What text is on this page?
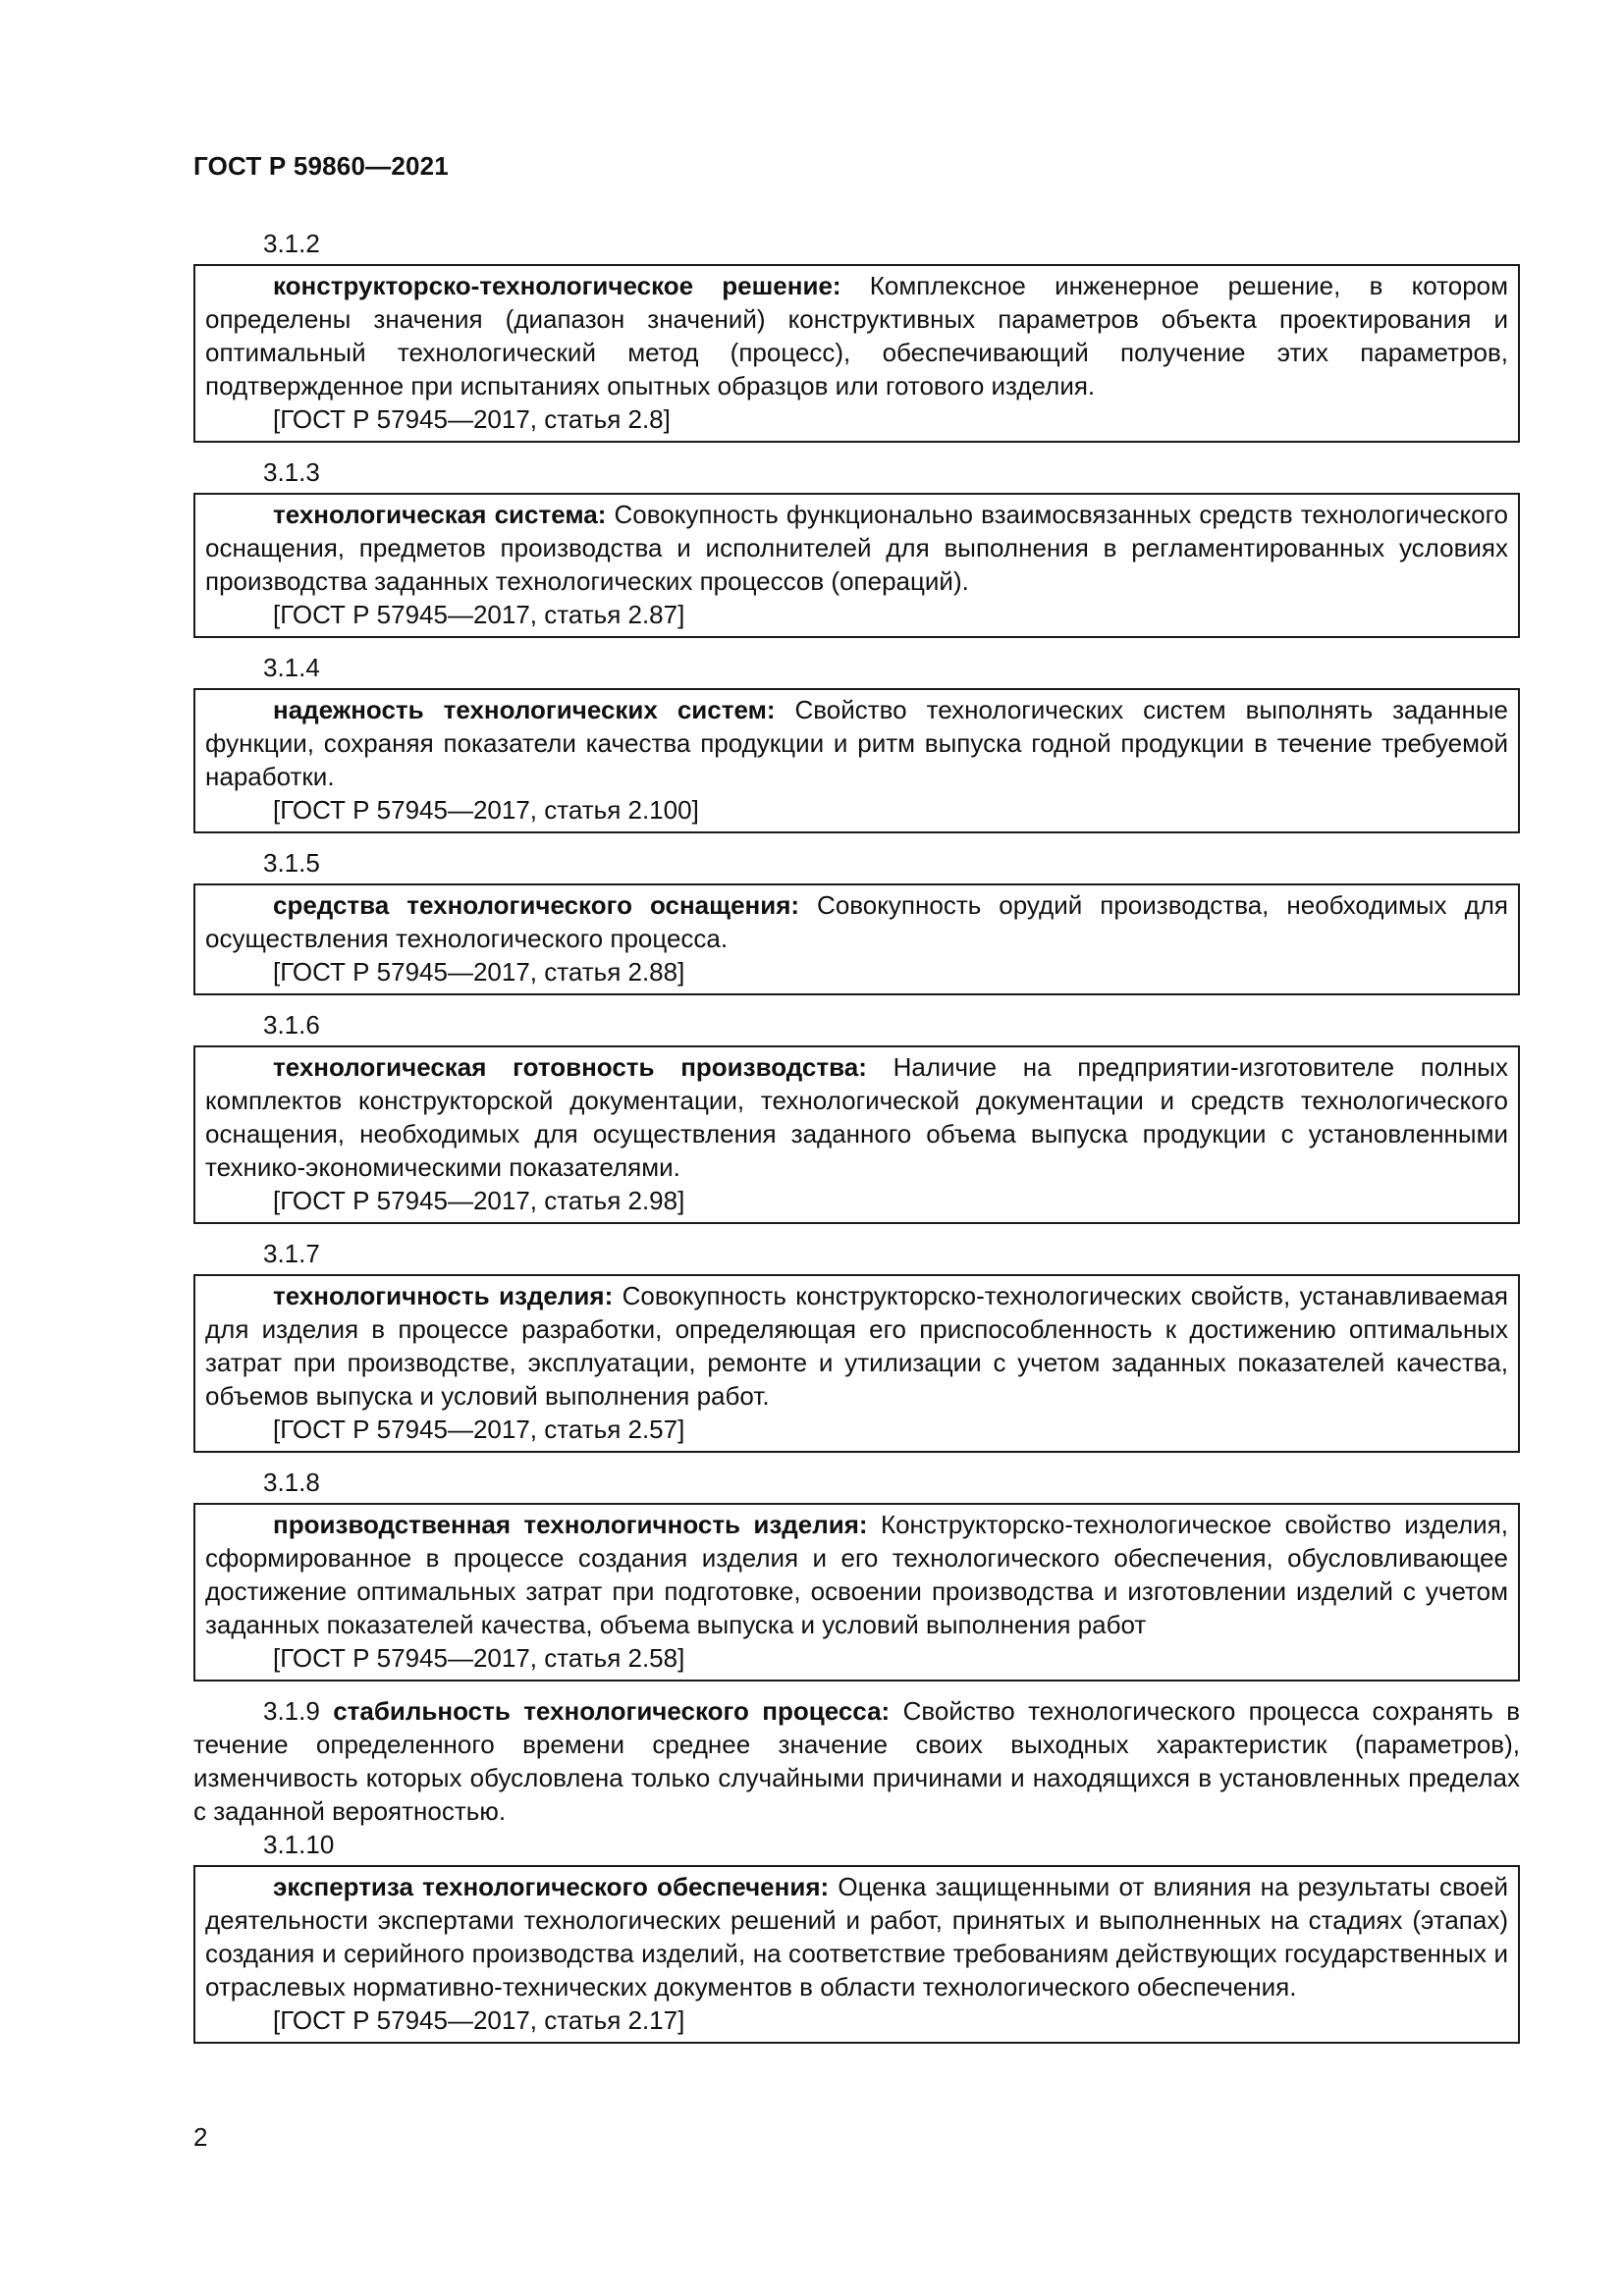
ГОСТ Р 59860—2021
3.1.2
конструкторско-технологическое решение: Комплексное инженерное решение, в котором определены значения (диапазон значений) конструктивных параметров объекта проектирования и оптимальный технологический метод (процесс), обеспечивающий получение этих параметров, подтвержденное при испытаниях опытных образцов или готового изделия.
[ГОСТ Р 57945—2017, статья 2.8]
3.1.3
технологическая система: Совокупность функционально взаимосвязанных средств технологического оснащения, предметов производства и исполнителей для выполнения в регламентированных условиях производства заданных технологических процессов (операций).
[ГОСТ Р 57945—2017, статья 2.87]
3.1.4
надежность технологических систем: Свойство технологических систем выполнять заданные функции, сохраняя показатели качества продукции и ритм выпуска годной продукции в течение требуемой наработки.
[ГОСТ Р 57945—2017, статья 2.100]
3.1.5
средства технологического оснащения: Совокупность орудий производства, необходимых для осуществления технологического процесса.
[ГОСТ Р 57945—2017, статья 2.88]
3.1.6
технологическая готовность производства: Наличие на предприятии-изготовителе полных комплектов конструкторской документации, технологической документации и средств технологического оснащения, необходимых для осуществления заданного объема выпуска продукции с установленными технико-экономическими показателями.
[ГОСТ Р 57945—2017, статья 2.98]
3.1.7
технологичность изделия: Совокупность конструкторско-технологических свойств, устанавливаемая для изделия в процессе разработки, определяющая его приспособленность к достижению оптимальных затрат при производстве, эксплуатации, ремонте и утилизации с учетом заданных показателей качества, объемов выпуска и условий выполнения работ.
[ГОСТ Р 57945—2017, статья 2.57]
3.1.8
производственная технологичность изделия: Конструкторско-технологическое свойство изделия, сформированное в процессе создания изделия и его технологического обеспечения, обусловливающее достижение оптимальных затрат при подготовке, освоении производства и изготовлении изделий с учетом заданных показателей качества, объема выпуска и условий выполнения работ
[ГОСТ Р 57945—2017, статья 2.58]
3.1.9 стабильность технологического процесса: Свойство технологического процесса сохранять в течение определенного времени среднее значение своих выходных характеристик (параметров), изменчивость которых обусловлена только случайными причинами и находящихся в установленных пределах с заданной вероятностью.
3.1.10
экспертиза технологического обеспечения: Оценка защищенными от влияния на результаты своей деятельности экспертами технологических решений и работ, принятых и выполненных на стадиях (этапах) создания и серийного производства изделий, на соответствие требованиям действующих государственных и отраслевых нормативно-технических документов в области технологического обеспечения.
[ГОСТ Р 57945—2017, статья 2.17]
2
